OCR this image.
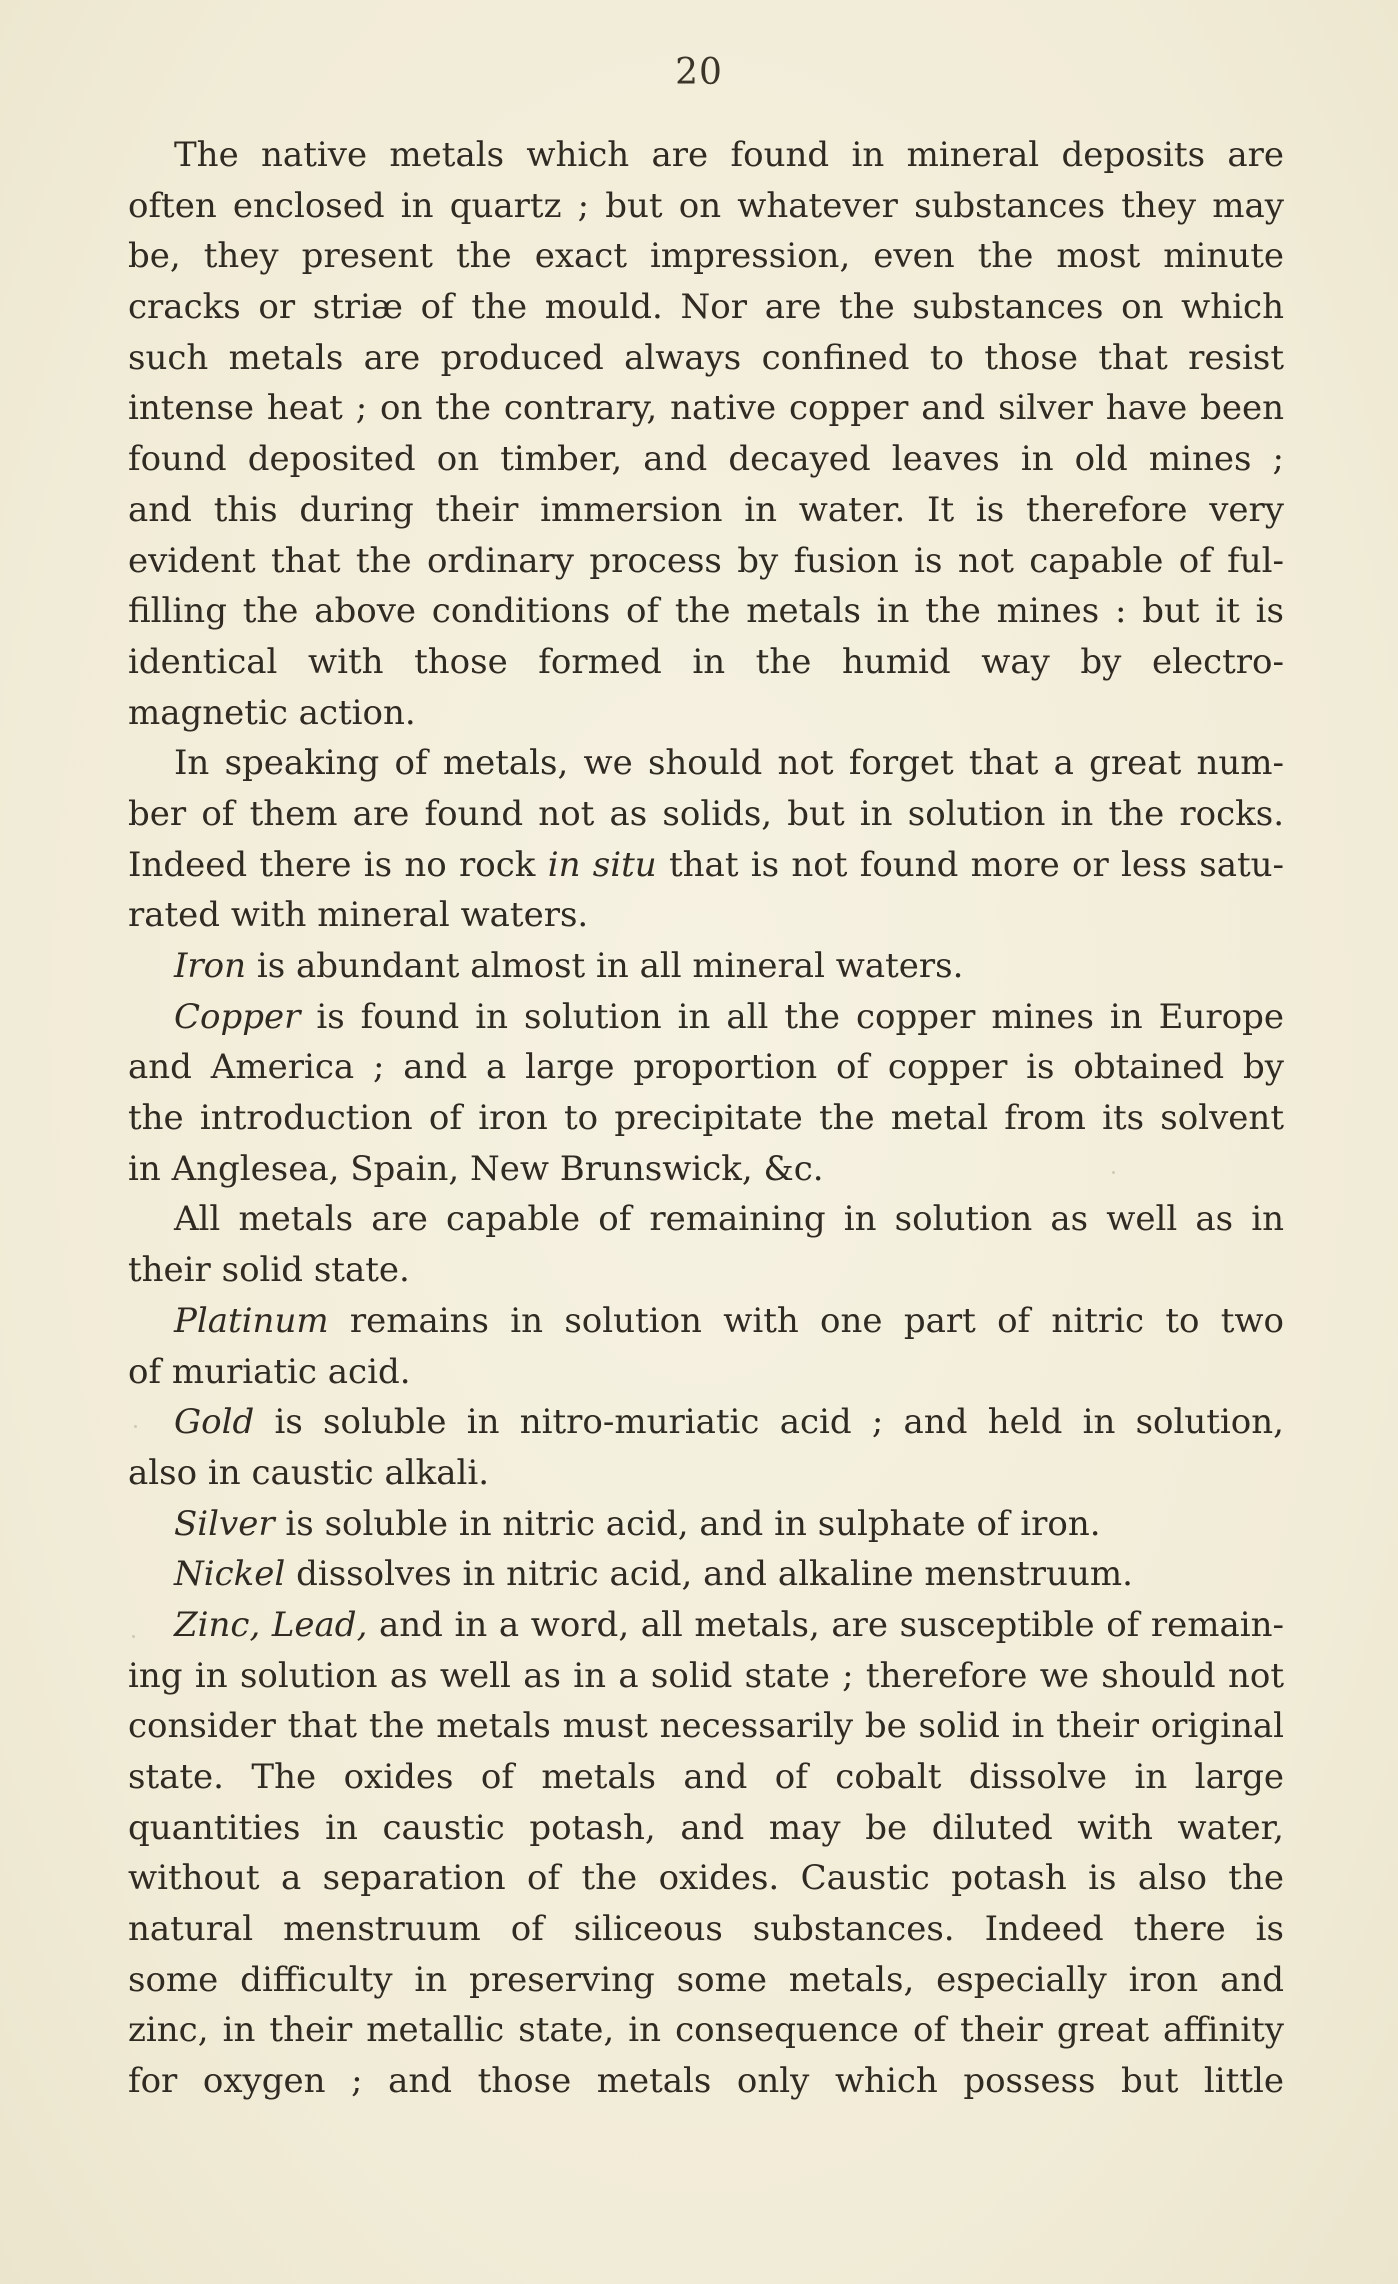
20
The native metals which are found in mineral deposits are
often enclosed in quartz ; but on whatever substances they may
be, they present the exact impression, even the most minute
cracks or striæ of the mould. Nor are the substances on which
such metals are produced always confined to those that resist
intense heat ; on the contrary, native copper and silver have been
found deposited on timber, and decayed leaves in old mines ;
and this during their immersion in water. It is therefore very
evident that the ordinary process by fusion is not capable of ful-
filling the above conditions of the metals in the mines : but it is
identical with those formed in the humid way by electro-
magnetic action.
In speaking of metals, we should not forget that a great num-
ber of them are found not as solids, but in solution in the rocks.
Indeed there is no rock in situ that is not found more or less satu-
rated with mineral waters.
Iron is abundant almost in all mineral waters.
Copper is found in solution in all the copper mines in Europe
and America ; and a large proportion of copper is obtained by
the introduction of iron to precipitate the metal from its solvent
in Anglesea, Spain, New Brunswick, &c.
All metals are capable of remaining in solution as well as in
their solid state.
Platinum remains in solution with one part of nitric to two
of muriatic acid.
Gold is soluble in nitro-muriatic acid ; and held in solution,
also in caustic alkali.
Silver is soluble in nitric acid, and in sulphate of iron.
Nickel dissolves in nitric acid, and alkaline menstruum.
Zinc, Lead, and in a word, all metals, are susceptible of remain-
ing in solution as well as in a solid state ; therefore we should not
consider that the metals must necessarily be solid in their original
state. The oxides of metals and of cobalt dissolve in large
quantities in caustic potash, and may be diluted with water,
without a separation of the oxides. Caustic potash is also the
natural menstruum of siliceous substances. Indeed there is
some difficulty in preserving some metals, especially iron and
zinc, in their metallic state, in consequence of their great affinity
for oxygen ; and those metals only which possess but little
